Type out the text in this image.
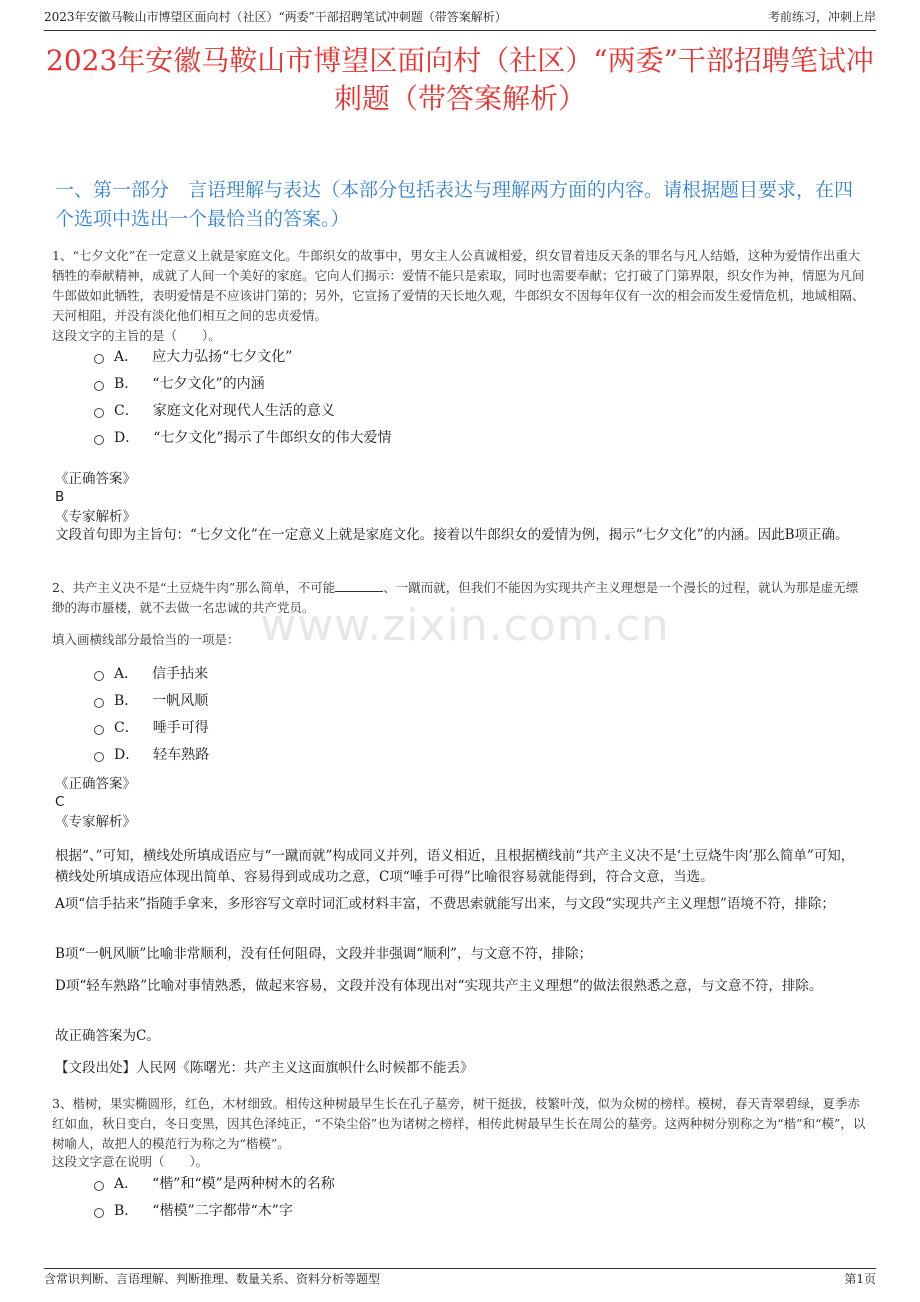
2023年安徽马鞍山市博望区面向村（社区）“两委”干部招聘笔试冲刺题（带答案解析）	考前练习，冲刺上岸
2023年安徽马鞍山市博望区面向村（社区）“两委”干部招聘笔试冲刺题（带答案解析）
一、第一部分　言语理解与表达（本部分包括表达与理解两方面的内容。请根据题目要求，在四个选项中选出一个最恰当的答案。）
www.zixin.com.cn
1、“七夕文化”在一定意义上就是家庭文化。牛郎织女的故事中，男女主人公真诚相爱，织女冒着违反天条的罪名与凡人结婚，这种为爱情作出重大牺牲的奉献精神，成就了人间一个美好的家庭。它向人们揭示：爱情不能只是索取，同时也需要奉献；它打破了门第界限，织女作为神，情愿为凡间牛郎做如此牺牲，表明爱情是不应该讲门第的；另外，它宣扬了爱情的天长地久观，牛郎织女不因每年仅有一次的相会而发生爱情危机，地域相隔、天河相阻，并没有淡化他们相互之间的忠贞爱情。
这段文字的主旨的是（　　）。
A． 应大力弘扬“七夕文化”
B． “七夕文化”的内涵
C． 家庭文化对现代人生活的意义
D． “七夕文化”揭示了牛郎织女的伟大爱情
《正确答案》
B
《专家解析》
文段首句即为主旨句：“七夕文化”在一定意义上就是家庭文化。接着以牛郎织女的爱情为例，揭示“七夕文化”的内涵。因此B项正确。
2、共产主义决不是“土豆烧牛肉”那么简单，不可能	、一蹴而就，但我们不能因为实现共产主义理想是一个漫长的过程，就认为那是虚无缥缈的海市蜃楼，就不去做一名忠诚的共产党员。
填入画横线部分最恰当的一项是：
A． 信手拈来
B． 一帆风顺
C． 唾手可得
D． 轻车熟路
《正确答案》
C
《专家解析》
根据“、”可知，横线处所填成语应与“一蹴而就”构成同义并列，语义相近，且根据横线前“共产主义决不是‘土豆烧牛肉’那么简单”可知，横线处所填成语应体现出简单、容易得到或成功之意，C项“唾手可得”比喻很容易就能得到，符合文意，当选。
A项“信手拈来”指随手拿来，多形容写文章时词汇或材料丰富，不费思索就能写出来，与文段“实现共产主义理想”语境不符，排除；
B项“一帆风顺”比喻非常顺利，没有任何阻碍，文段并非强调“顺利”，与文意不符，排除；
D项“轻车熟路”比喻对事情熟悉，做起来容易，文段并没有体现出对“实现共产主义理想”的做法很熟悉之意，与文意不符，排除。
故正确答案为C。
【文段出处】人民网《陈曙光：共产主义这面旗帜什么时候都不能丢》
3、楷树，果实椭圆形，红色，木材细致。相传这种树最早生长在孔子墓旁，树干挺拔，枝繁叶茂，似为众树的榜样。模树，春天青翠碧绿，夏季赤红如血，秋日变白，冬日变黑，因其色泽纯正，“不染尘俗”也为诸树之榜样，相传此树最早生长在周公的墓旁。这两种树分别称之为“楷”和“模”，以树喻人，故把人的模范行为称之为“楷模”。
这段文字意在说明（　　）。
A． “楷”和“模”是两种树木的名称
B． “楷模”二字都带“木”字
含常识判断、言语理解、判断推理、数量关系、资料分析等题型	第1页
